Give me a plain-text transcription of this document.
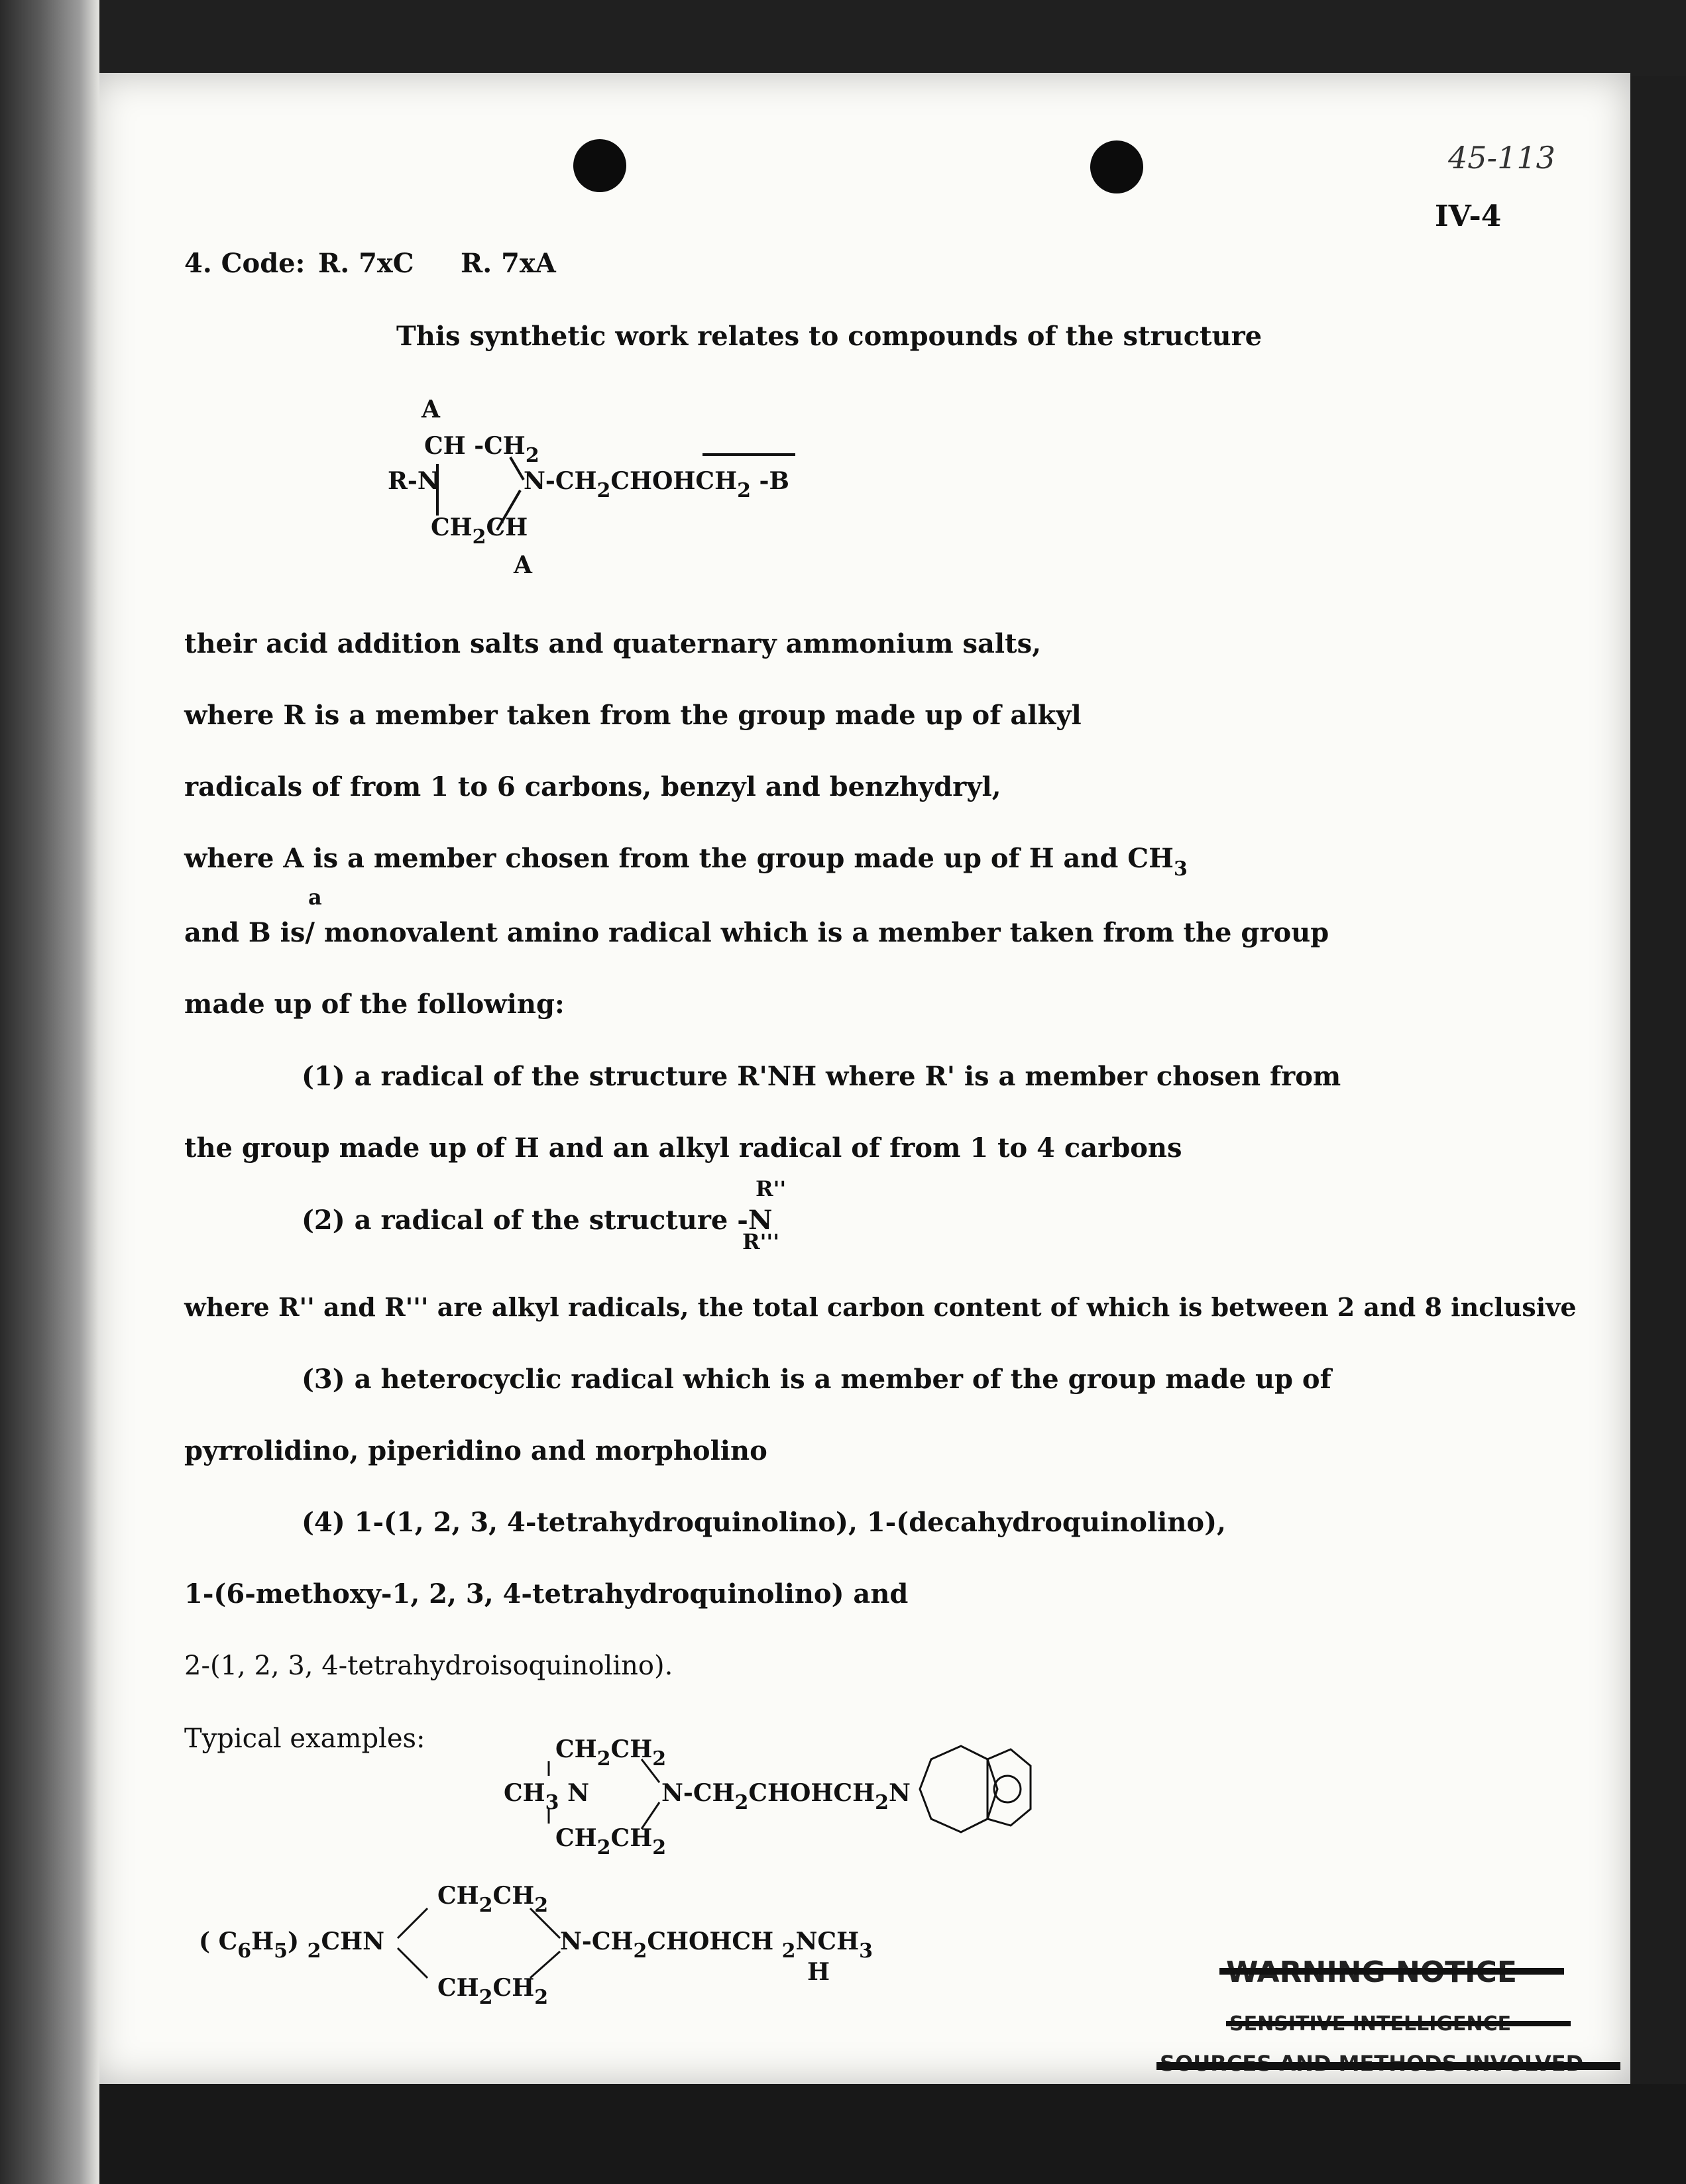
45-113
IV-4
4. Code: R. 7xC R. 7xA
This synthetic work relates to compounds of the structure
A
CH $-CH_2$
R-N	$N-CH_2CHOHCH_2$ -B
$CH_2CH$
A
their acid addition salts and quaternary ammonium salts,
where R is a member taken from the group made up of alkyl
radicals of from 1 to 6 carbons, benzyl and benzhydryl,
where A is a member chosen from the group made up of H and $CH_3$
a
and B is/ monovalent amino radical which is a member taken from the group
made up of the following:
(1) a radical of the structure R'NH where R' is a member chosen from
the group made up of H and an alkyl radical of from 1 to 4 carbons
R''
(2) a radical of the structure -N
R'''
where R'' and R''' are alkyl radicals, the total carbon content of which is between 2 and 8 inclusive
(3) a heterocyclic radical which is a member of the group made up of
pyrrolidino, piperidino and morpholino
(4) 1-(1, 2, 3, 4-tetrahydroquinolino), 1-(decahydroquinolino),
1-(6-methoxy-1, 2, 3, 4-tetrahydroquinolino) and
2-(1, 2, 3, 4-tetrahydroisoquinolino).
Typical examples:	$CH_2CH_2$
$CH_3$ N	$N-CH_2CHOHCH_2N$
$CH_2CH_2$
$CH_2CH_2$
( $C_6H_5$) $_2$CHN	$N-CH_2CHOHCH$ $_2NCH_3$
H
$CH_2CH_2$
